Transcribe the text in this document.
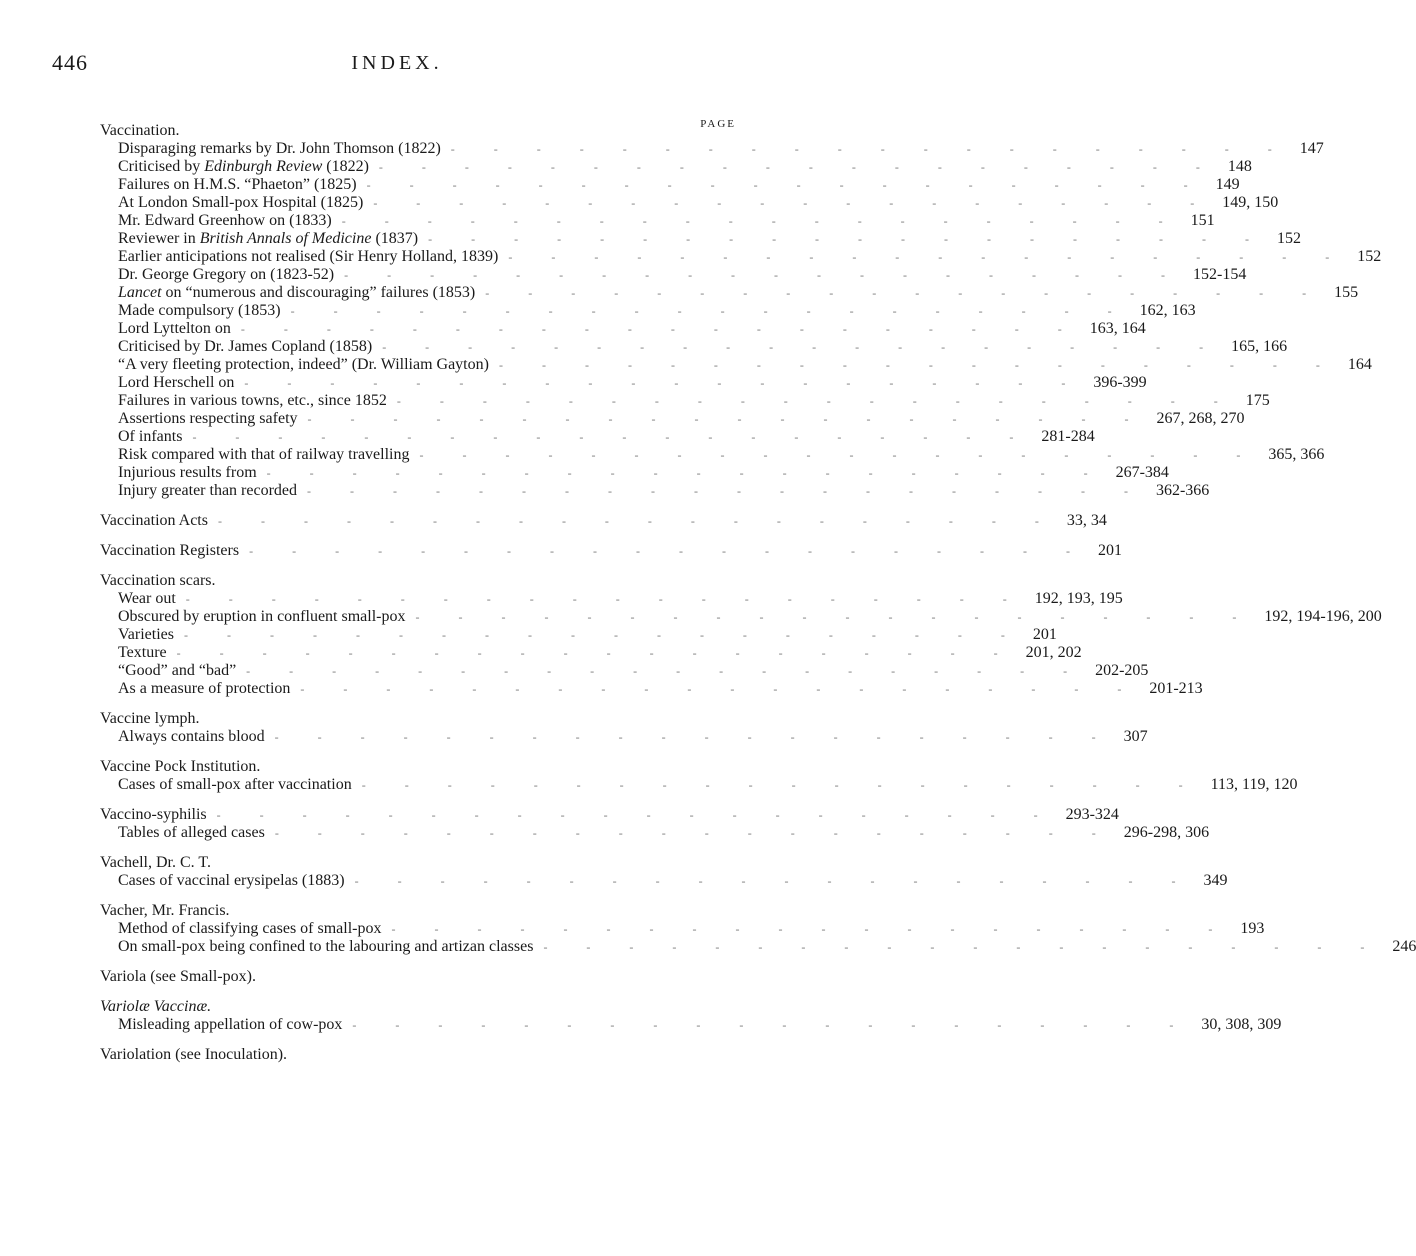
446	INDEX.
PAGE
Vaccination.
Disparaging remarks by Dr. John Thomson (1822) - - - - - - - - - - - - - - - - - - - - 147
Criticised by Edinburgh Review (1822) - - - - - - - - - - - - - - - - - - - - 148
Failures on H.M.S. “Phaeton” (1825) - - - - - - - - - - - - - - - - - - - - 149
At London Small-pox Hospital (1825) - - - - - - - - - - - - - - - - - - - - 149, 150
Mr. Edward Greenhow on (1833) - - - - - - - - - - - - - - - - - - - - 151
Reviewer in British Annals of Medicine (1837) - - - - - - - - - - - - - - - - - - - - 152
Earlier anticipations not realised (Sir Henry Holland, 1839) - - - - - - - - - - - - - - - - - - - - 152
Dr. George Gregory on (1823-52) - - - - - - - - - - - - - - - - - - - - 152-154
Lancet on “numerous and discouraging” failures (1853) - - - - - - - - - - - - - - - - - - - - 155
Made compulsory (1853) - - - - - - - - - - - - - - - - - - - - 162, 163
Lord Lyttelton on - - - - - - - - - - - - - - - - - - - - 163, 164
Criticised by Dr. James Copland (1858) - - - - - - - - - - - - - - - - - - - - 165, 166
“A very fleeting protection, indeed” (Dr. William Gayton) - - - - - - - - - - - - - - - - - - - - 164
Lord Herschell on - - - - - - - - - - - - - - - - - - - - 396-399
Failures in various towns, etc., since 1852 - - - - - - - - - - - - - - - - - - - - 175
Assertions respecting safety - - - - - - - - - - - - - - - - - - - - 267, 268, 270
Of infants - - - - - - - - - - - - - - - - - - - - 281-284
Risk compared with that of railway travelling - - - - - - - - - - - - - - - - - - - - 365, 366
Injurious results from - - - - - - - - - - - - - - - - - - - - 267-384
Injury greater than recorded - - - - - - - - - - - - - - - - - - - - 362-366
Vaccination Acts - - - - - - - - - - - - - - - - - - - - 33, 34
Vaccination Registers - - - - - - - - - - - - - - - - - - - - 201
Vaccination scars.
Wear out - - - - - - - - - - - - - - - - - - - - 192, 193, 195
Obscured by eruption in confluent small-pox - - - - - - - - - - - - - - - - - - - - 192, 194-196, 200
Varieties - - - - - - - - - - - - - - - - - - - - 201
Texture - - - - - - - - - - - - - - - - - - - - 201, 202
“Good” and “bad” - - - - - - - - - - - - - - - - - - - - 202-205
As a measure of protection - - - - - - - - - - - - - - - - - - - - 201-213
Vaccine lymph.
Always contains blood - - - - - - - - - - - - - - - - - - - - 307
Vaccine Pock Institution.
Cases of small-pox after vaccination - - - - - - - - - - - - - - - - - - - - 113, 119, 120
Vaccino-syphilis - - - - - - - - - - - - - - - - - - - - 293-324
Tables of alleged cases - - - - - - - - - - - - - - - - - - - - 296-298, 306
Vachell, Dr. C. T.
Cases of vaccinal erysipelas (1883) - - - - - - - - - - - - - - - - - - - - 349
Vacher, Mr. Francis.
Method of classifying cases of small-pox - - - - - - - - - - - - - - - - - - - - 193
On small-pox being confined to the labouring and artizan classes - - - - - - - - - - - - - - - - - - - - 246
Variola (see Small-pox).
Variolæ Vaccinæ.
Misleading appellation of cow-pox - - - - - - - - - - - - - - - - - - - - 30, 308, 309
Variolation (see Inoculation).
